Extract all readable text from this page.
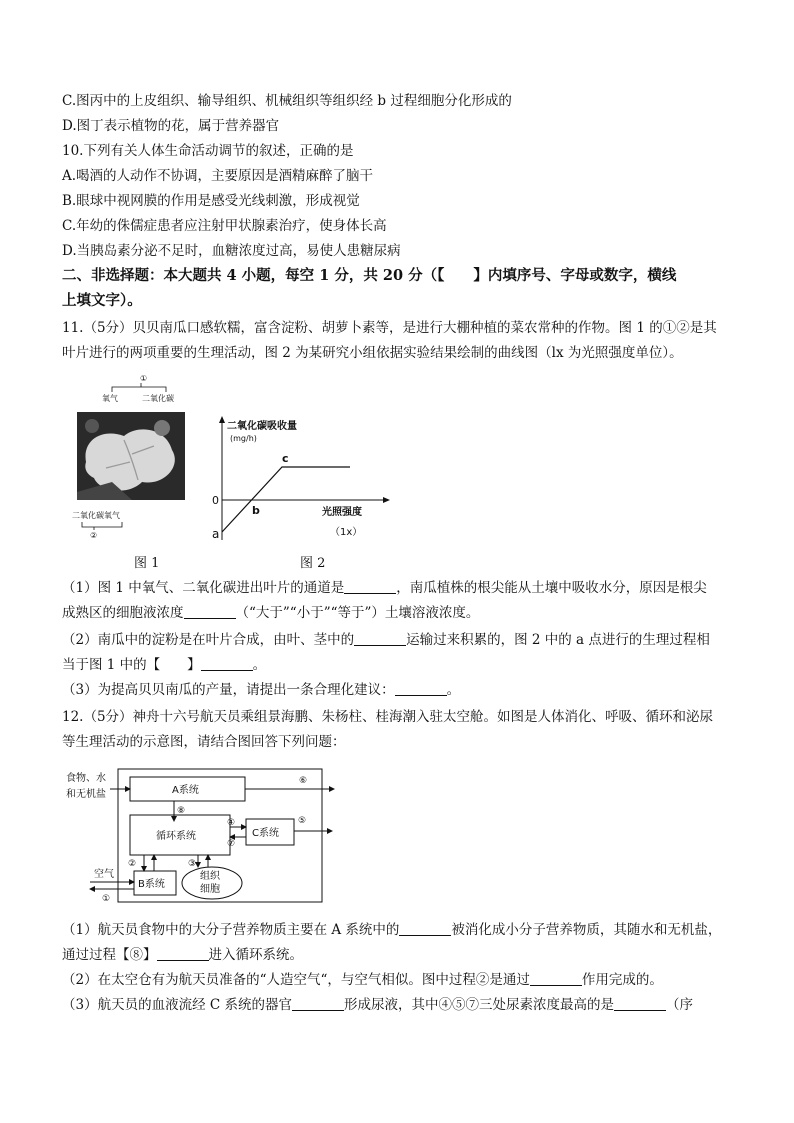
C.图丙中的上皮组织、输导组织、机械组织等组织经 b 过程细胞分化形成的
D.图丁表示植物的花，属于营养器官
10.下列有关人体生命活动调节的叙述，正确的是
A.喝酒的人动作不协调，主要原因是酒精麻醉了脑干
B.眼球中视网膜的作用是感受光线刺激，形成视觉
C.年幼的侏儒症患者应注射甲状腺素治疗，使身体长高
D.当胰岛素分泌不足时，血糖浓度过高，易使人患糖尿病
二、非选择题：本大题共 4 小题，每空 1 分，共 20 分（【　　】内填序号、字母或数字，横线
上填文字）。
11.（5分）贝贝南瓜口感软糯，富含淀粉、胡萝卜素等，是进行大棚种植的菜农常种的作物。图 1 的①②是其
叶片进行的两项重要的生理活动，图 2 为某研究小组依据实验结果绘制的曲线图（lx 为光照强度单位）。
①
氧气	二氧化碳
二氧化碳 氧气
②
图 1
二氧化碳吸收量
(mg/h)
0
a
b
c
光照强度
（1x）
图 2
（1）图 1 中氧气、二氧化碳进出叶片的通道是	，南瓜植株的根尖能从土壤中吸收水分，原因是根尖
成熟区的细胞液浓度	（“大于”“小于”“等于”）土壤溶液浓度。
（2）南瓜中的淀粉是在叶片合成，由叶、茎中的	运输过来积累的，图 2 中的 a 点进行的生理过程相
当于图 1 中的【　　】	。
（3）为提高贝贝南瓜的产量，请提出一条合理化建议：	。
12.（5分）神舟十六号航天员乘组景海鹏、朱杨柱、桂海潮入驻太空舱。如图是人体消化、呼吸、循环和泌尿
等生理活动的示意图，请结合图回答下列问题：
食物、水
和无机盐	A系统
⑥
⑧
循环系统	C系统
④
⑦
⑤
B系统
②
组织
细胞
③
空气
①
（1）航天员食物中的大分子营养物质主要在 A 系统中的	被消化成小分子营养物质，其随水和无机盐，
通过过程【⑧】	进入循环系统。
（2）在太空仓有为航天员准备的“人造空气“，与空气相似。图中过程②是通过	作用完成的。
（3）航天员的血液流经 C 系统的器官	形成尿液，其中④⑤⑦三处尿素浓度最高的是	（序
